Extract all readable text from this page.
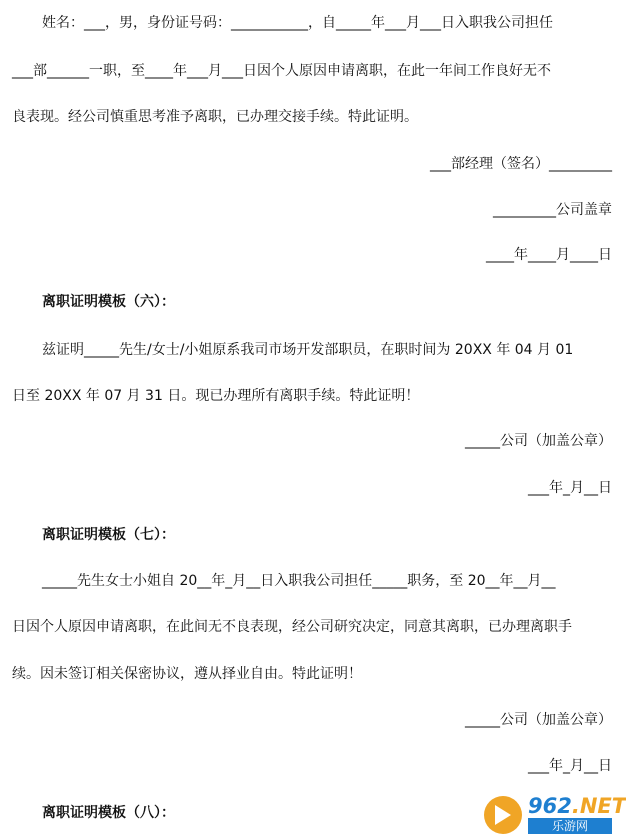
姓名：___，男，身份证号码：___________，自_____年___月___日入职我公司担任
___部______一职，至____年___月___日因个人原因申请离职，在此一年间工作良好无不
良表现。经公司慎重思考准予离职，已办理交接手续。特此证明。
___部经理（签名）_________
_________公司盖章
____年____月____日
离职证明模板（六）：
兹证明_____先生/女士/小姐原系我司市场开发部职员，在职时间为 20XX 年 04 月 01
日至 20XX 年 07 月 31 日。现已办理所有离职手续。特此证明！
_____公司（加盖公章）
___年_月__日
离职证明模板（七）：
_____先生女士小姐自 20__年_月__日入职我公司担任_____职务，至 20__年__月__
日因个人原因申请离职，在此间无不良表现，经公司研究决定，同意其离职，已办理离职手
续。因未签订相关保密协议，遵从择业自由。特此证明！
_____公司（加盖公章）
___年_月__日
离职证明模板（八）：	962.NET
乐游网
